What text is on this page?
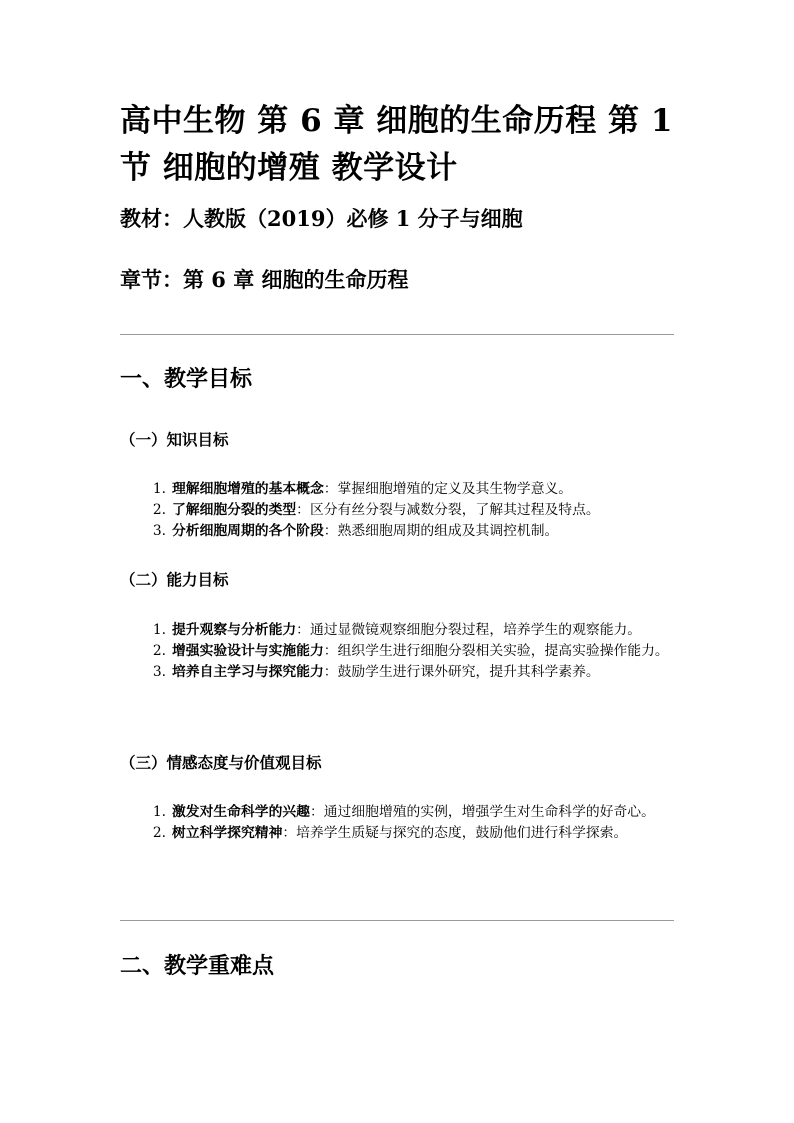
高中生物 第 6 章 细胞的生命历程 第 1 节 细胞的增殖 教学设计

教材：人教版（2019）必修 1 分子与细胞

章节：第 6 章 细胞的生命历程

一、教学目标
（一）知识目标
1. 理解细胞增殖的基本概念：掌握细胞增殖的定义及其生物学意义。
2. 了解细胞分裂的类型：区分有丝分裂与减数分裂，了解其过程及特点。
3. 分析细胞周期的各个阶段：熟悉细胞周期的组成及其调控机制。
（二）能力目标
1. 提升观察与分析能力：通过显微镜观察细胞分裂过程，培养学生的观察能力。
2. 增强实验设计与实施能力：组织学生进行细胞分裂相关实验，提高实验操作能力。
3. 培养自主学习与探究能力：鼓励学生进行课外研究，提升其科学素养。
（三）情感态度与价值观目标
1. 激发对生命科学的兴趣：通过细胞增殖的实例，增强学生对生命科学的好奇心。
2. 树立科学探究精神：培养学生质疑与探究的态度，鼓励他们进行科学探索。
二、教学重难点
